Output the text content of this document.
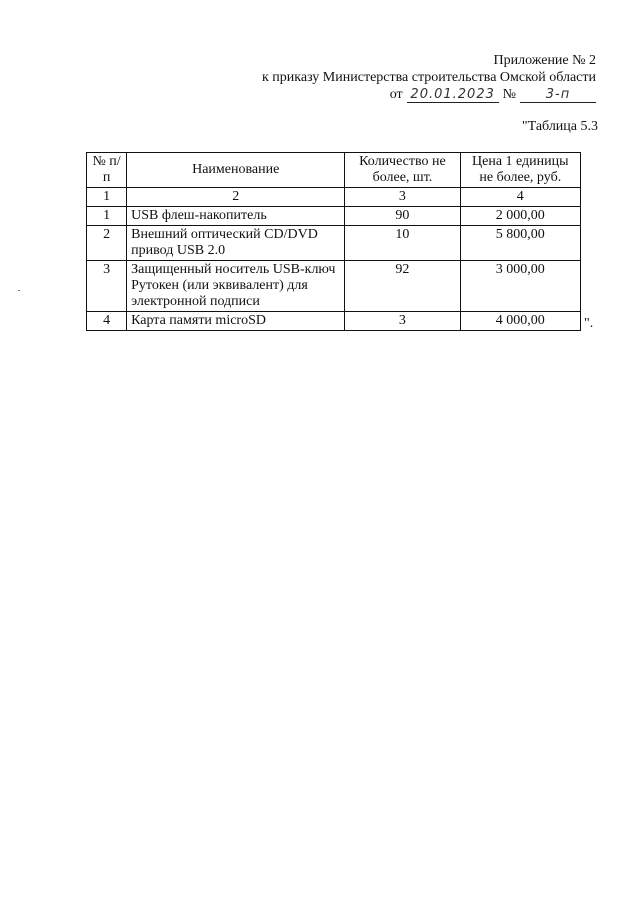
Приложение № 2
к приказу Министерства строительства Омской области
от 20.01.2023 №	3-п
"Таблица 5.3
№ п/п	Наименование	Количество не более, шт.	Цена 1 единицы не более, руб.
1	2	3	4
1	USB флеш-накопитель	90	2 000,00
2	Внешний оптический CD/DVD привод USB 2.0	10	5 800,00
3	Защищенный носитель USB-ключ Рутокен (или эквивалент) для электронной подписи	92	3 000,00
4	Карта памяти microSD	3	4 000,00	".
